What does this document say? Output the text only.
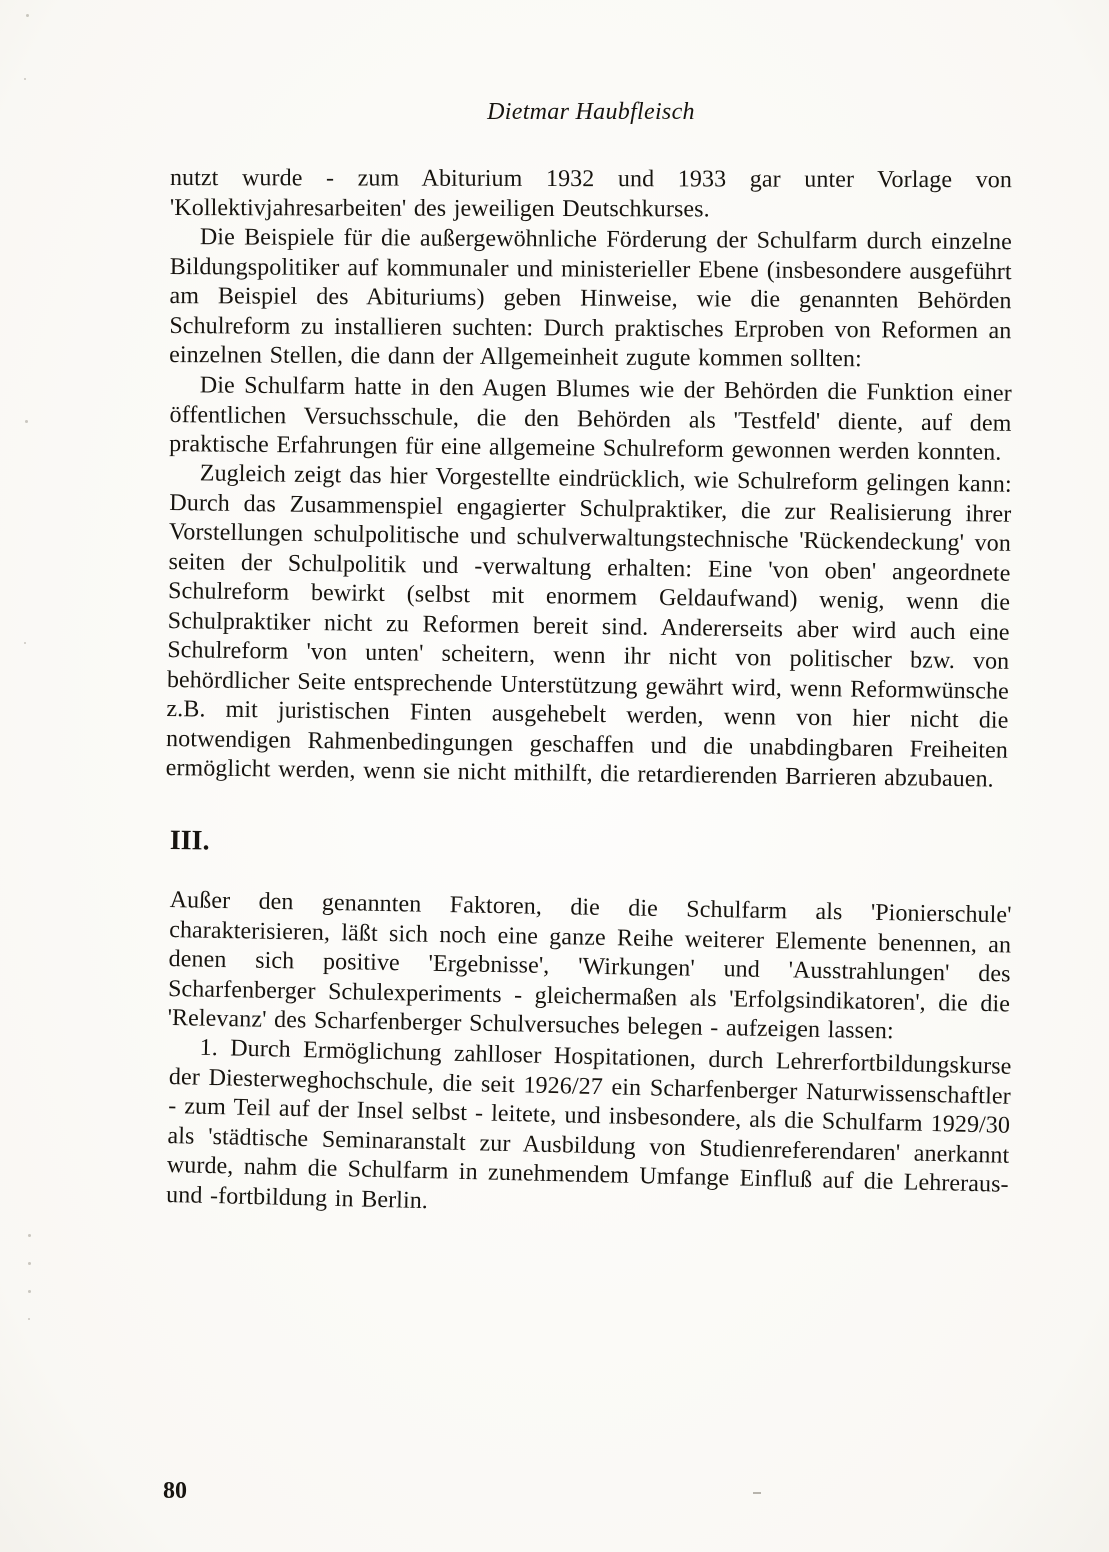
Dietmar Haubfleisch

nutzt wurde - zum Abiturium 1932 und 1933 gar unter Vorlage von 'Kollektivjahresarbeiten' des jeweiligen Deutschkurses.

Die Beispiele für die außergewöhnliche Förderung der Schulfarm durch einzelne Bildungspolitiker auf kommunaler und ministerieller Ebene (insbesondere ausgeführt am Beispiel des Abituriums) geben Hinweise, wie die genannten Behörden Schulreform zu installieren suchten: Durch praktisches Erproben von Reformen an einzelnen Stellen, die dann der Allgemeinheit zugute kommen sollten:

Die Schulfarm hatte in den Augen Blumes wie der Behörden die Funktion einer öffentlichen Versuchsschule, die den Behörden als 'Testfeld' diente, auf dem praktische Erfahrungen für eine allgemeine Schulreform gewonnen werden konnten.

Zugleich zeigt das hier Vorgestellte eindrücklich, wie Schulreform gelingen kann: Durch das Zusammenspiel engagierter Schulpraktiker, die zur Realisierung ihrer Vorstellungen schulpolitische und schulverwaltungstechnische 'Rückendeckung' von seiten der Schulpolitik und -verwaltung erhalten: Eine 'von oben' angeordnete Schulreform bewirkt (selbst mit enormem Geldaufwand) wenig, wenn die Schulpraktiker nicht zu Reformen bereit sind. Andererseits aber wird auch eine Schulreform 'von unten' scheitern, wenn ihr nicht von politischer bzw. von behördlicher Seite entsprechende Unterstützung gewährt wird, wenn Reformwünsche z.B. mit juristischen Finten ausgehebelt werden, wenn von hier nicht die notwendigen Rahmenbedingungen geschaffen und die unabdingbaren Freiheiten ermöglicht werden, wenn sie nicht mithilft, die retardierenden Barrieren abzubauen.

III.

Außer den genannten Faktoren, die die Schulfarm als 'Pionierschule' charakterisieren, läßt sich noch eine ganze Reihe weiterer Elemente benennen, an denen sich positive 'Ergebnisse', 'Wirkungen' und 'Ausstrahlungen' des Scharfenberger Schulexperiments - gleichermaßen als 'Erfolgsindikatoren', die die 'Relevanz' des Scharfenberger Schulversuches belegen - aufzeigen lassen:

1. Durch Ermöglichung zahlloser Hospitationen, durch Lehrerfortbildungskurse der Diesterweghochschule, die seit 1926/27 ein Scharfenberger Naturwissenschaftler - zum Teil auf der Insel selbst - leitete, und insbesondere, als die Schulfarm 1929/30 als 'städtische Seminaranstalt zur Ausbildung von Studienreferendaren' anerkannt wurde, nahm die Schulfarm in zunehmendem Umfange Einfluß auf die Lehreraus- und -fortbildung in Berlin.

80
